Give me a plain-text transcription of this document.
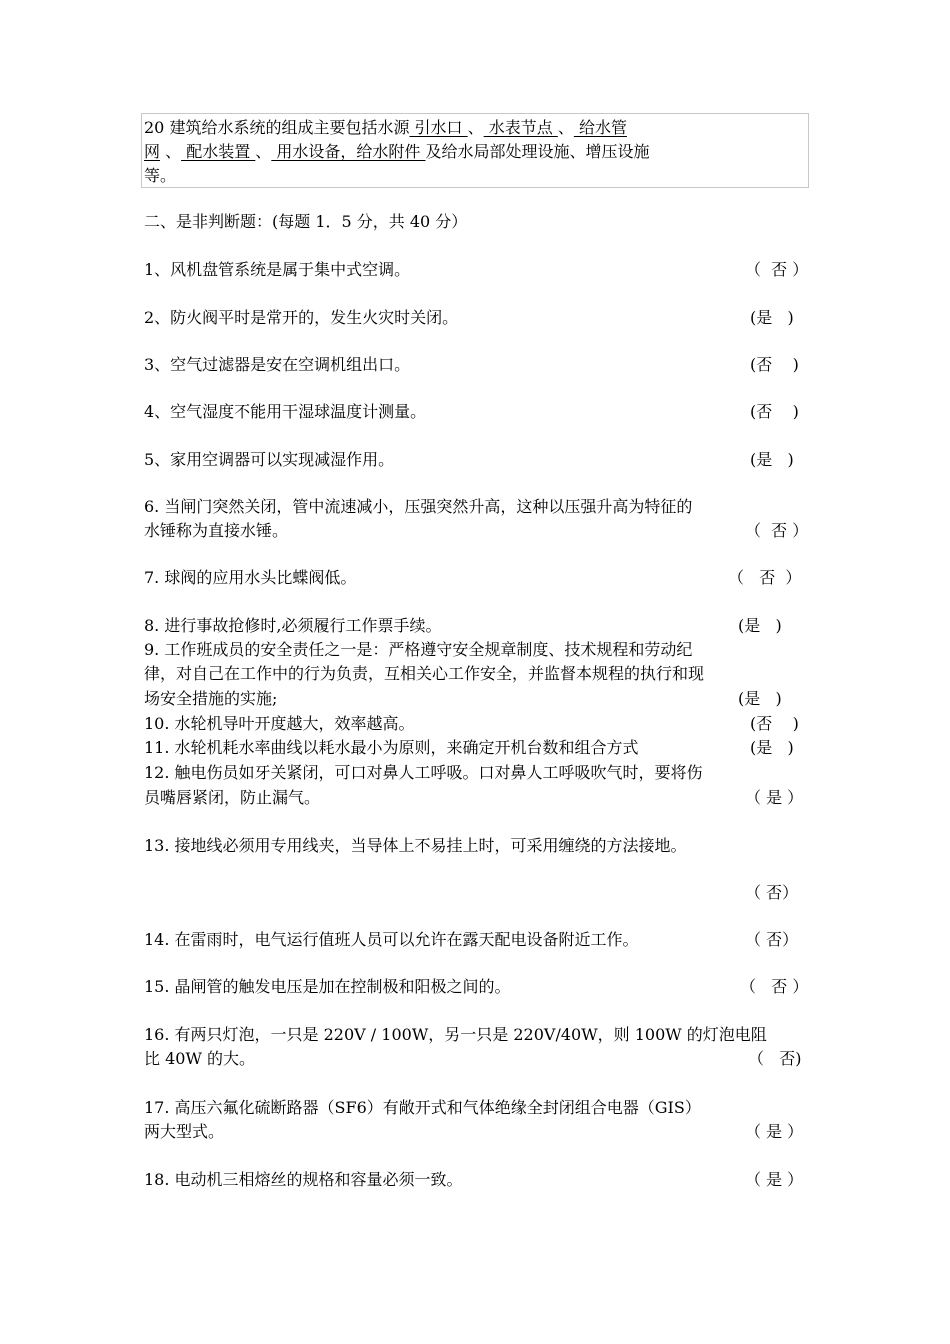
20 建筑给水系统的组成主要包括水源 引水口 、 水表节点 、 给水管
网 、 配水装置 、 用水设备，给水附件 及给水局部处理设施、增压设施
等。
二、是非判断题：(每题 1．5 分，共 40 分）
1、风机盘管系统是属于集中式空调。	（  否 ）
2、防火阀平时是常开的，发生火灾时关闭。	(是   )
3、空气过滤器是安在空调机组出口。	(否    )
4、空气湿度不能用干湿球温度计测量。	(否    )
5、家用空调器可以实现减湿作用。	(是   )
6. 当闸门突然关闭，管中流速减小，压强突然升高，这种以压强升高为特征的
水锤称为直接水锤。	（  否 ）
7. 球阀的应用水头比蝶阀低。	（   否  ）
8. 进行事故抢修时,必须履行工作票手续。	(是   )
9. 工作班成员的安全责任之一是：严格遵守安全规章制度、技术规程和劳动纪
律，对自己在工作中的行为负责，互相关心工作安全，并监督本规程的执行和现
场安全措施的实施;	(是   )
10. 水轮机导叶开度越大，效率越高。	(否    )
11. 水轮机耗水率曲线以耗水最小为原则，来确定开机台数和组合方式	(是   )
12. 触电伤员如牙关紧闭，可口对鼻人工呼吸。口对鼻人工呼吸吹气时，要将伤
员嘴唇紧闭，防止漏气。	（ 是 ）
13. 接地线必须用专用线夹，当导体上不易挂上时，可采用缠绕的方法接地。
（ 否）
14. 在雷雨时，电气运行值班人员可以允许在露天配电设备附近工作。	（ 否）
15. 晶闸管的触发电压是加在控制极和阳极之间的。	（   否 ）
16. 有两只灯泡，一只是 220V / 100W，另一只是 220V/40W，则 100W 的灯泡电阻
比 40W 的大。	（   否)
17. 高压六氟化硫断路器（SF6）有敞开式和气体绝缘全封闭组合电器（GIS）
两大型式。	（ 是 ）
18. 电动机三相熔丝的规格和容量必须一致。	（ 是 ）
